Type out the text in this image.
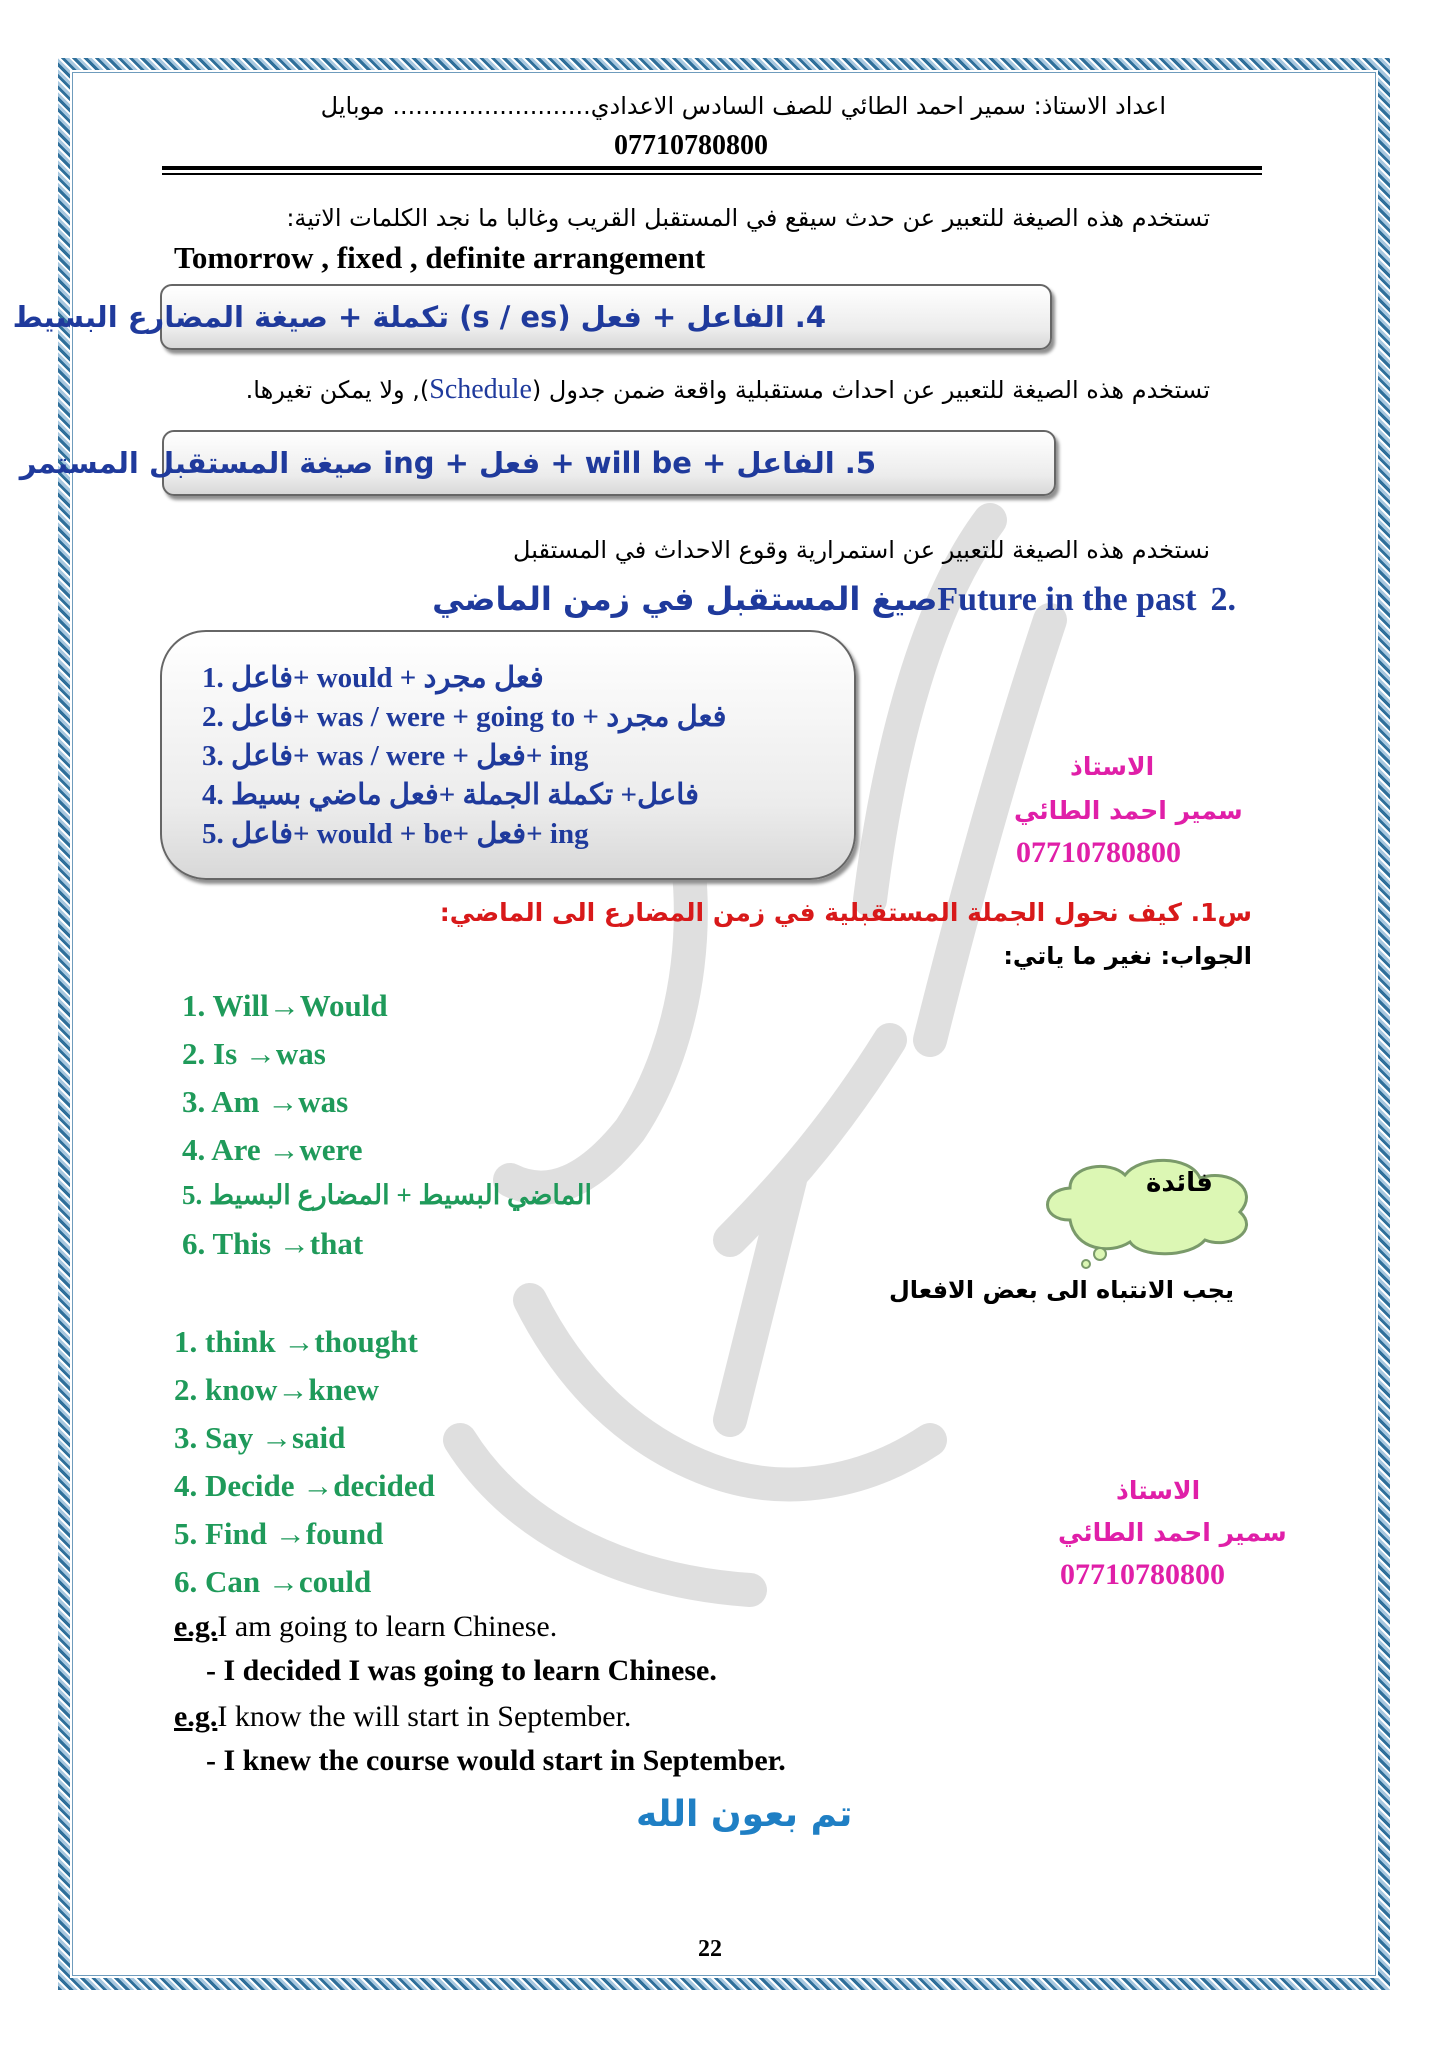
اعداد الاستاذ: سمير احمد الطائي للصف السادس الاعدادي.......................... موبايل
07710780800
تستخدم هذه الصيغة للتعبير عن حدث سيقع في المستقبل القريب وغالبا ما نجد الكلمات الاتية:
Tomorrow , fixed , definite arrangement
4. الفاعل + فعل (s / es) تكملة + صيغة المضارع البسيط
تستخدم هذه الصيغة للتعبير عن احداث مستقبلية واقعة ضمن جدول (Schedule), ولا يمكن تغيرها.
5. الفاعل + will be + فعل + ing صيغة المستقبل المستمر
نستخدم هذه الصيغة للتعبير عن استمرارية وقوع الاحداث في المستقبل
صيغ المستقبل في زمن الماضيFuture in the past 2.
1. فاعل+ would + فعل مجرد
2. فاعل+ was / were + going to + فعل مجرد
3. فاعل+ was / were + فعل+ ing
4. فاعل+ تكملة الجملة +فعل ماضي بسيط
5. فاعل+ would + be+ فعل+ ing
الاستاذ
سمير احمد الطائي
07710780800
س1. كيف نحول الجملة المستقبلية في زمن المضارع الى الماضي:
الجواب: نغير ما ياتي:
1. Will→Would
2. Is →was
3. Am →was
4. Are →were
5. الماضي البسيط + المضارع البسيط
6. This →that
فائدة
يجب الانتباه الى بعض الافعال
1. think →thought
2. know→knew
3. Say →said
4. Decide →decided
5. Find →found
6. Can →could
الاستاذ
سمير احمد الطائي
07710780800
e.g.I am going to learn Chinese.
- I decided I was going to learn Chinese.
e.g.I know the will start in September.
- I knew the course would start in September.
تم بعون الله
22
